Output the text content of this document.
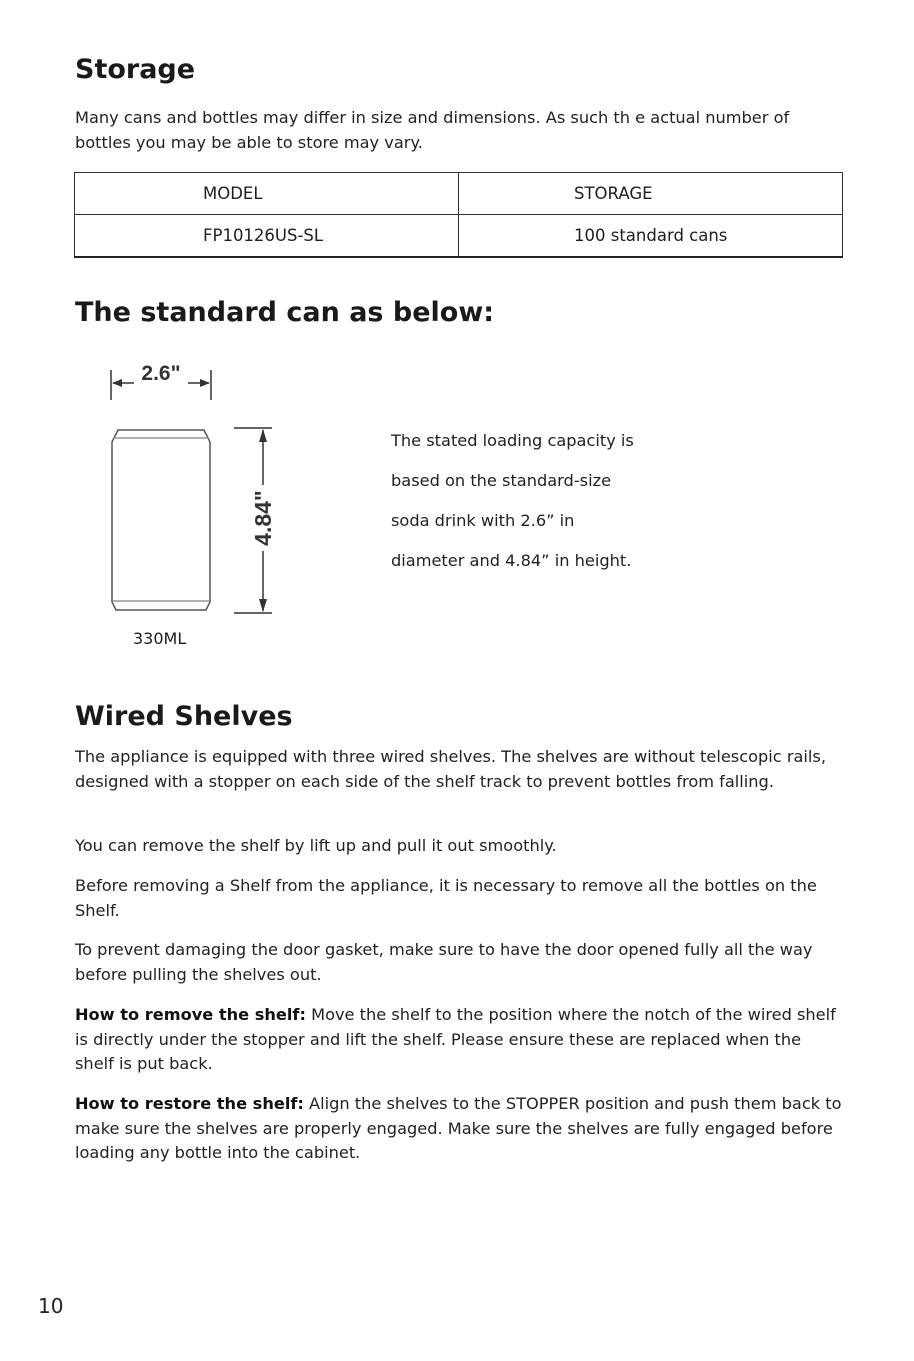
Storage

Many cans and bottles may differ in size and dimensions. As such th e actual number of bottles you may be able to store may vary.

MODEL	STORAGE
FP10126US-SL	100 standard cans
The standard can as below:
2.6"
4.84"
330ML
The stated loading capacity is
based on the standard-size
soda drink with 2.6” in
diameter and 4.84” in height.
Wired Shelves

The appliance is equipped with three wired shelves. The shelves are without telescopic rails, designed with a stopper on each side of the shelf track to prevent bottles from falling.

You can remove the shelf by lift up and pull it out smoothly.

Before removing a Shelf from the appliance, it is necessary to remove all the bottles on the Shelf.

To prevent damaging the door gasket, make sure to have the door opened fully all the way before pulling the shelves out.

How to remove the shelf: Move the shelf to the position where the notch of the wired shelf is directly under the stopper and lift the shelf. Please ensure these are replaced when the shelf is put back.

How to restore the shelf: Align the shelves to the STOPPER position and push them back to make sure the shelves are properly engaged. Make sure the shelves are fully engaged before loading any bottle into the cabinet.

10
